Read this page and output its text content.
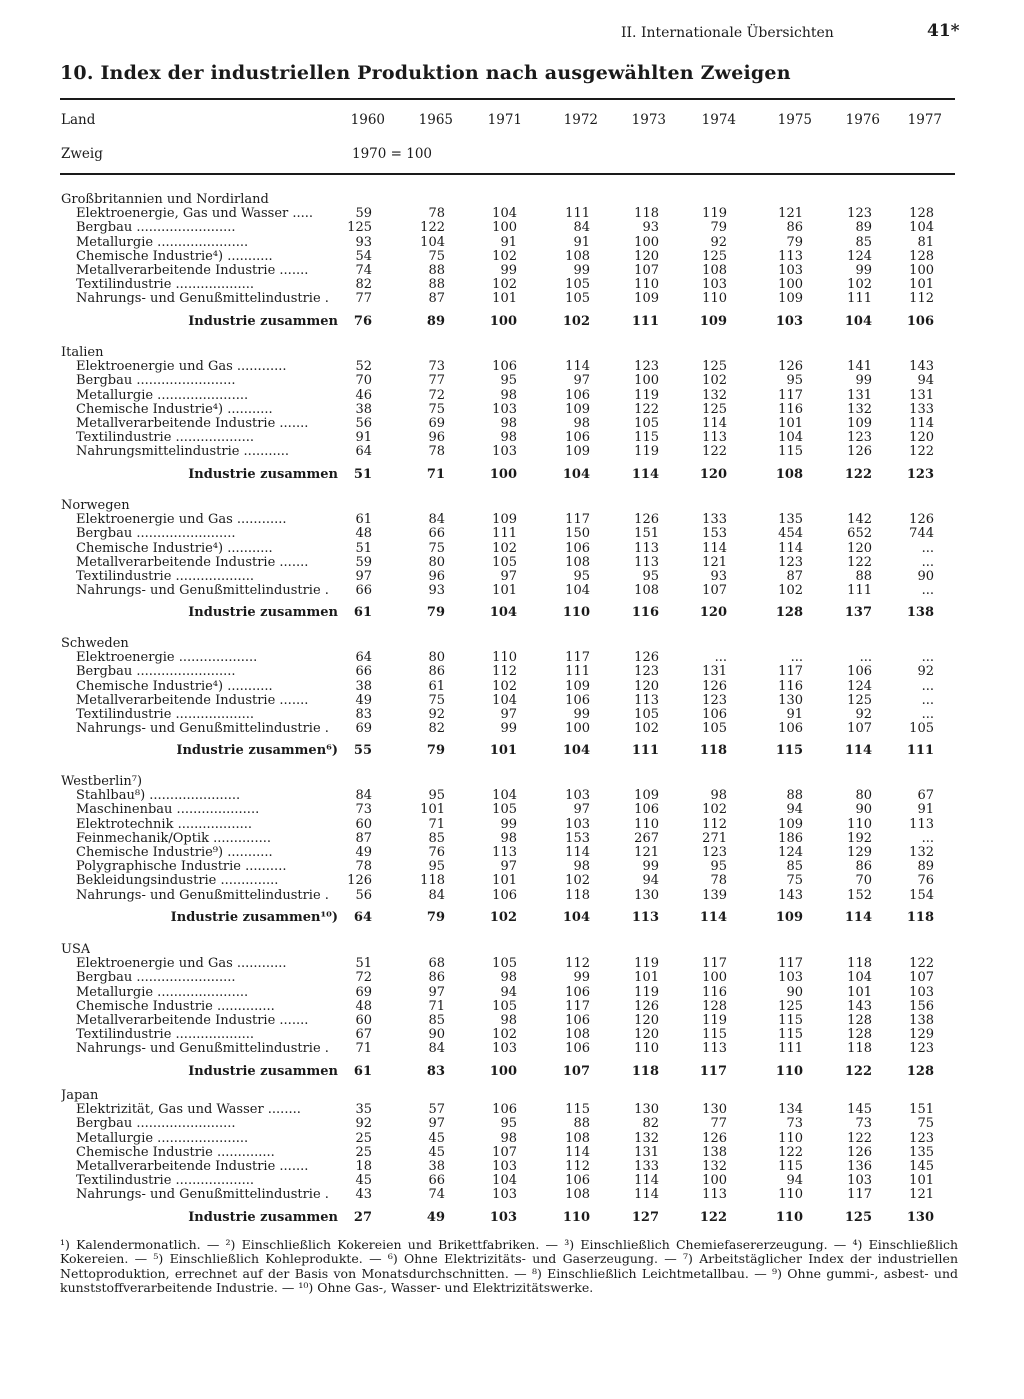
II. Internationale Übersichten	41*
10. Index der industriellen Produktion nach ausgewählten Zweigen
Land
Zweig	1970 = 100
1960	1965	1971	1972	1973	1974	1975	1976	1977
Großbritannien und Nordirland
Elektroenergie, Gas und Wasser .....	59	78	104	111	118	119	121	123	128
Bergbau ........................	125	122	100	84	93	79	86	89	104
Metallurgie ......................	93	104	91	91	100	92	79	85	81
Chemische Industrie⁴) ...........	54	75	102	108	120	125	113	124	128
Metallverarbeitende Industrie .......	74	88	99	99	107	108	103	99	100
Textilindustrie ...................	82	88	102	105	110	103	100	102	101
Nahrungs- und Genußmittelindustrie .	77	87	101	105	109	110	109	111	112
Industrie zusammen	76	89	100	102	111	109	103	104	106
Italien
Elektroenergie und Gas ............	52	73	106	114	123	125	126	141	143
Bergbau ........................	70	77	95	97	100	102	95	99	94
Metallurgie ......................	46	72	98	106	119	132	117	131	131
Chemische Industrie⁴) ...........	38	75	103	109	122	125	116	132	133
Metallverarbeitende Industrie .......	56	69	98	98	105	114	101	109	114
Textilindustrie ...................	91	96	98	106	115	113	104	123	120
Nahrungsmittelindustrie ...........	64	78	103	109	119	122	115	126	122
Industrie zusammen	51	71	100	104	114	120	108	122	123
Norwegen
Elektroenergie und Gas ............	61	84	109	117	126	133	135	142	126
Bergbau ........................	48	66	111	150	151	153	454	652	744
Chemische Industrie⁴) ...........	51	75	102	106	113	114	114	120	...
Metallverarbeitende Industrie .......	59	80	105	108	113	121	123	122	...
Textilindustrie ...................	97	96	97	95	95	93	87	88	90
Nahrungs- und Genußmittelindustrie .	66	93	101	104	108	107	102	111	...
Industrie zusammen	61	79	104	110	116	120	128	137	138
Schweden
Elektroenergie ...................	64	80	110	117	126	...	...	...	...
Bergbau ........................	66	86	112	111	123	131	117	106	92
Chemische Industrie⁴) ...........	38	61	102	109	120	126	116	124	...
Metallverarbeitende Industrie .......	49	75	104	106	113	123	130	125	...
Textilindustrie ...................	83	92	97	99	105	106	91	92	...
Nahrungs- und Genußmittelindustrie .	69	82	99	100	102	105	106	107	105
Industrie zusammen⁶)	55	79	101	104	111	118	115	114	111
Westberlin⁷)
Stahlbau⁸) ......................	84	95	104	103	109	98	88	80	67
Maschinenbau ....................	73	101	105	97	106	102	94	90	91
Elektrotechnik ..................	60	71	99	103	110	112	109	110	113
Feinmechanik/Optik ..............	87	85	98	153	267	271	186	192	...
Chemische Industrie⁹) ...........	49	76	113	114	121	123	124	129	132
Polygraphische Industrie ..........	78	95	97	98	99	95	85	86	89
Bekleidungsindustrie ..............	126	118	101	102	94	78	75	70	76
Nahrungs- und Genußmittelindustrie .	56	84	106	118	130	139	143	152	154
Industrie zusammen¹⁰)	64	79	102	104	113	114	109	114	118
USA
Elektroenergie und Gas ............	51	68	105	112	119	117	117	118	122
Bergbau ........................	72	86	98	99	101	100	103	104	107
Metallurgie ......................	69	97	94	106	119	116	90	101	103
Chemische Industrie ..............	48	71	105	117	126	128	125	143	156
Metallverarbeitende Industrie .......	60	85	98	106	120	119	115	128	138
Textilindustrie ...................	67	90	102	108	120	115	115	128	129
Nahrungs- und Genußmittelindustrie .	71	84	103	106	110	113	111	118	123
Industrie zusammen	61	83	100	107	118	117	110	122	128
Japan
Elektrizität, Gas und Wasser ........	35	57	106	115	130	130	134	145	151
Bergbau ........................	92	97	95	88	82	77	73	73	75
Metallurgie ......................	25	45	98	108	132	126	110	122	123
Chemische Industrie ..............	25	45	107	114	131	138	122	126	135
Metallverarbeitende Industrie .......	18	38	103	112	133	132	115	136	145
Textilindustrie ...................	45	66	104	106	114	100	94	103	101
Nahrungs- und Genußmittelindustrie .	43	74	103	108	114	113	110	117	121
Industrie zusammen	27	49	103	110	127	122	110	125	130
¹) Kalendermonatlich. — ²) Einschließlich Kokereien und Brikettfabriken. — ³) Einschließlich Chemiefasererzeugung. — ⁴) Einschließlich Kokereien. — ⁵) Einschließlich Kohleprodukte. — ⁶) Ohne Elektrizitäts- und Gaserzeugung. — ⁷) Arbeitstäglicher Index der industriellen Nettoproduktion, errechnet auf der Basis von Monatsdurchschnitten. — ⁸) Einschließlich Leichtmetallbau. — ⁹) Ohne gummi-, asbest- und kunststoffverarbeitende Industrie. — ¹⁰) Ohne Gas-, Wasser- und Elektrizitätswerke.
